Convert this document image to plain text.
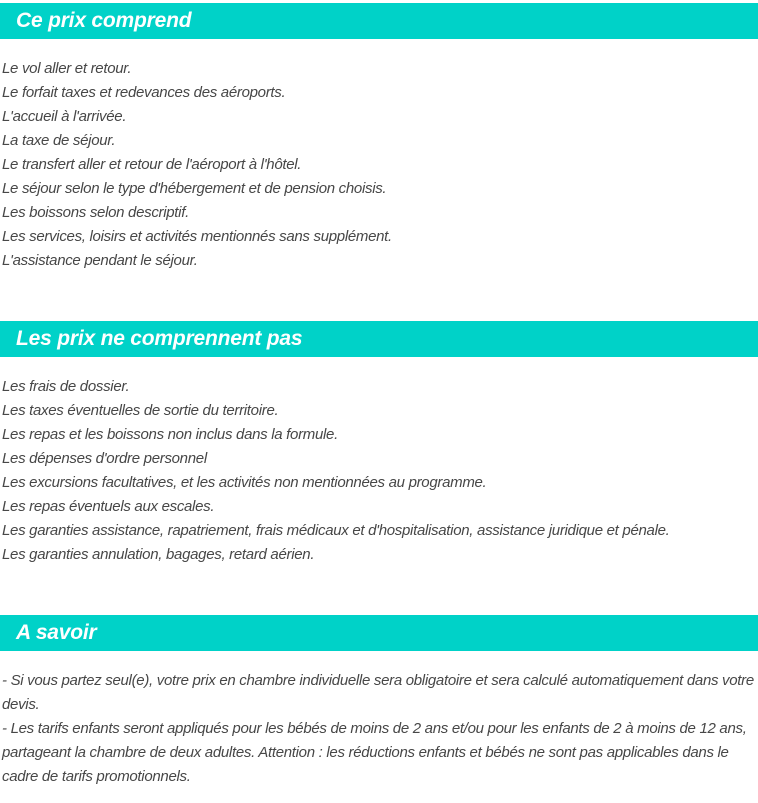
Ce prix comprend

Le vol aller et retour.

Le forfait taxes et redevances des aéroports.

L'accueil à l'arrivée.

La taxe de séjour.

Le transfert aller et retour de l'aéroport à l'hôtel.

Le séjour selon le type d'hébergement et de pension choisis.

Les boissons selon descriptif.

Les services, loisirs et activités mentionnés sans supplément.

L'assistance pendant le séjour.

Les prix ne comprennent pas

Les frais de dossier.

Les taxes éventuelles de sortie du territoire.

Les repas et les boissons non inclus dans la formule.

Les dépenses d'ordre personnel

Les excursions facultatives, et les activités non mentionnées au programme.

Les repas éventuels aux escales.

Les garanties assistance, rapatriement, frais médicaux et d'hospitalisation, assistance juridique et pénale.

Les garanties annulation, bagages, retard aérien.

A savoir

- Si vous partez seul(e), votre prix en chambre individuelle sera obligatoire et sera calculé automatiquement dans votre devis.

- Les tarifs enfants seront appliqués pour les bébés de moins de 2 ans et/ou pour les enfants de 2 à moins de 12 ans, partageant la chambre de deux adultes. Attention : les réductions enfants et bébés ne sont pas applicables dans le cadre de tarifs promotionnels.
